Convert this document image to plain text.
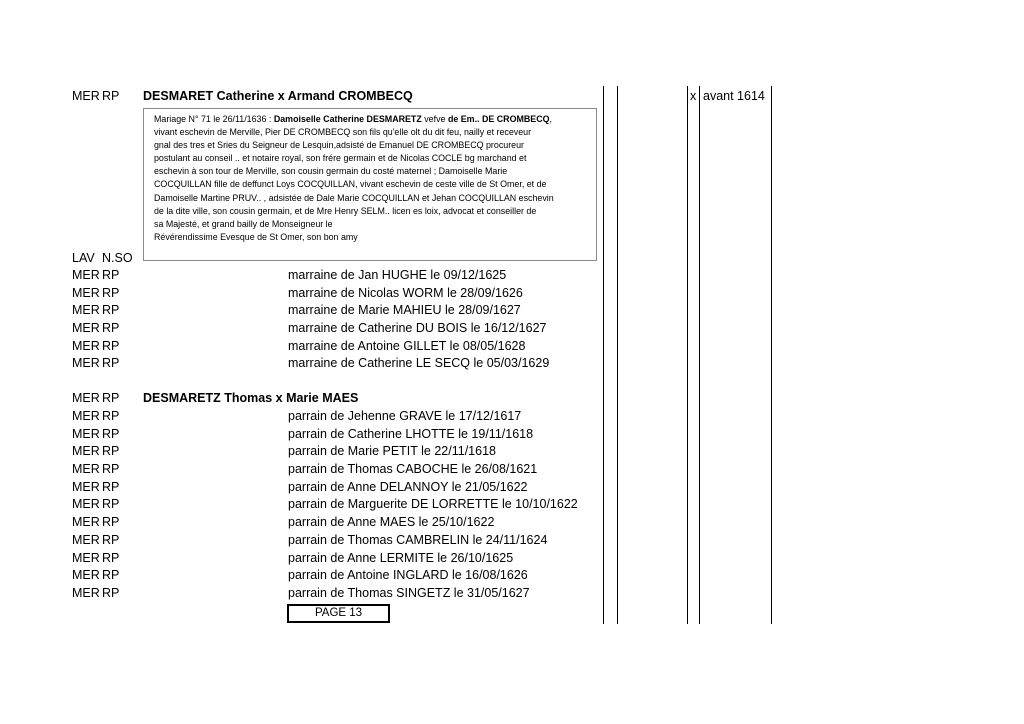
MER RP DESMARET Catherine x Armand CROMBECQ	x avant 1614
Mariage N° 71 le 26/11/1636 : Damoiselle Catherine DESMARETZ vefve de Em.. DE CROMBECQ,
vivant eschevin de Merville, Pier DE CROMBECQ son fils qu'elle olt du dit feu, nailly et receveur
gnal des tres et Sries du Seigneur de Lesquin,adsisté de Emanuel DE CROMBECQ procureur
postulant au conseil .. et notaire royal, son frére germain et de Nicolas COCLE bg marchand et
eschevin à son tour de Merville, son cousin germain du costé maternel ; Damoiselle Marie
COCQUILLAN fille de deffunct Loys COCQUILLAN, vivant eschevin de ceste ville de St Omer, et de
Damoiselle Martine PRUV.. , adsistée de Dale Marie COCQUILLAN et Jehan COCQUILLAN eschevin
de la dite ville, son cousin germain, et de Mre Henry SELM.. licen es loix, advocat et conseiller de
sa Majesté, et grand bailly de Monseigneur le
Révérendissime Evesque de St Omer, son bon amy
LAV N.SO
MER RP	marraine de Jan HUGHE le 09/12/1625
MER RP	marraine de Nicolas WORM le 28/09/1626
MER RP	marraine de Marie MAHIEU le 28/09/1627
MER RP	marraine de Catherine DU BOIS le 16/12/1627
MER RP	marraine de Antoine GILLET le 08/05/1628
MER RP	marraine de Catherine LE SECQ le 05/03/1629
MER RP DESMARETZ Thomas x Marie MAES
MER RP	parrain de Jehenne GRAVE le 17/12/1617
MER RP	parrain de Catherine LHOTTE le 19/11/1618
MER RP	parrain de Marie PETIT le 22/11/1618
MER RP	parrain de Thomas CABOCHE le 26/08/1621
MER RP	parrain de Anne DELANNOY le 21/05/1622
MER RP	parrain de Marguerite DE LORRETTE le 10/10/1622
MER RP	parrain de Anne MAES le 25/10/1622
MER RP	parrain de Thomas CAMBRELIN le 24/11/1624
MER RP	parrain de Anne LERMITE le 26/10/1625
MER RP	parrain de Antoine INGLARD le 16/08/1626
MER RP	parrain de Thomas SINGETZ le 31/05/1627
PAGE 13
